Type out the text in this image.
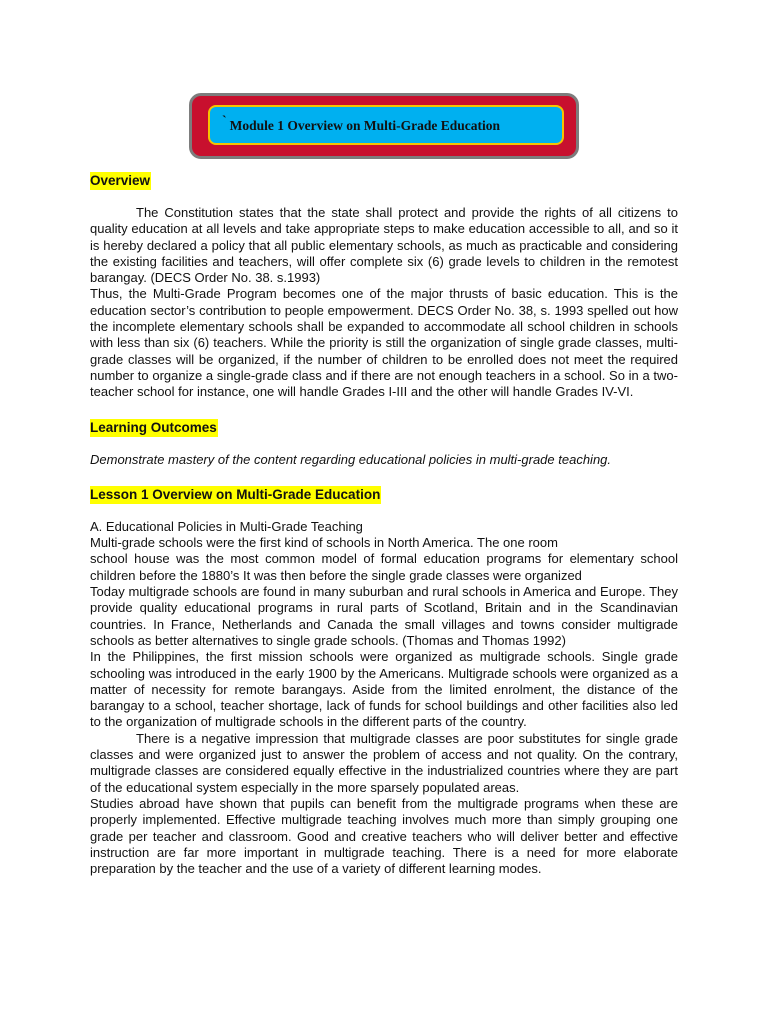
` Module 1 Overview on Multi-Grade Education
Overview

The Constitution states that the state shall protect and provide the rights of all citizens to quality education at all levels and take appropriate steps to make education accessible to all, and so it is hereby declared a policy that all public elementary schools, as much as practicable and considering the existing facilities and teachers, will offer complete six (6) grade levels to children in the remotest barangay. (DECS Order No. 38. s.1993)

Thus, the Multi-Grade Program becomes one of the major thrusts of basic education. This is the education sector’s contribution to people empowerment. DECS Order No. 38, s. 1993 spelled out how the incomplete elementary schools shall be expanded to accommodate all school children in schools with less than six (6) teachers. While the priority is still the organization of single grade classes, multi-grade classes will be organized, if the number of children to be enrolled does not meet the required number to organize a single-grade class and if there are not enough teachers in a school. So in a two-teacher school for instance, one will handle Grades I-III and the other will handle Grades IV-VI.

Learning Outcomes

Demonstrate mastery of the content regarding educational policies in multi-grade teaching.

Lesson 1 Overview on Multi-Grade Education

A. Educational Policies in Multi-Grade Teaching

Multi-grade schools were the first kind of schools in North America. The one room

school house was the most common model of formal education programs for elementary school children before the 1880’s It was then before the single grade classes were organized

Today multigrade schools are found in many suburban and rural schools in America and Europe. They provide quality educational programs in rural parts of Scotland, Britain and in the Scandinavian countries. In France, Netherlands and Canada the small villages and towns consider multigrade schools as better alternatives to single grade schools. (Thomas and Thomas 1992)

In the Philippines, the first mission schools were organized as multigrade schools. Single grade schooling was introduced in the early 1900 by the Americans. Multigrade schools were organized as a matter of necessity for remote barangays. Aside from the limited enrolment, the distance of the barangay to a school, teacher shortage, lack of funds for school buildings and other facilities also led to the organization of multigrade schools in the different parts of the country.

There is a negative impression that multigrade classes are poor substitutes for single grade classes and were organized just to answer the problem of access and not quality. On the contrary, multigrade classes are considered equally effective in the industrialized countries where they are part of the educational system especially in the more sparsely populated areas.

Studies abroad have shown that pupils can benefit from the multigrade programs when these are properly implemented. Effective multigrade teaching involves much more than simply grouping one grade per teacher and classroom. Good and creative teachers who will deliver better and effective instruction are far more important in multigrade teaching. There is a need for more elaborate preparation by the teacher and the use of a variety of different learning modes.
